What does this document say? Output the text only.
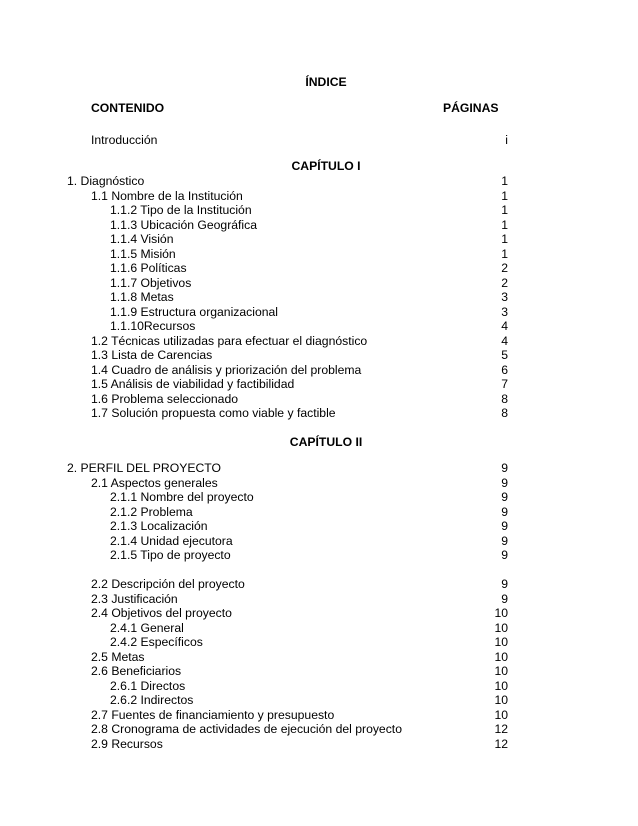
ÍNDICE
CONTENIDO	PÁGINAS
Introducción	i
CAPÍTULO I
1. Diagnóstico	1
1.1 Nombre de la Institución	1
1.1.2 Tipo de la Institución	1
1.1.3 Ubicación Geográfica	1
1.1.4 Visión	1
1.1.5 Misión	1
1.1.6 Políticas	2
1.1.7 Objetivos	2
1.1.8 Metas	3
1.1.9 Estructura organizacional	3
1.1.10Recursos	4
1.2 Técnicas utilizadas para efectuar el diagnóstico	4
1.3 Lista de Carencias	5
1.4 Cuadro de análisis y priorización del problema	6
1.5 Análisis de viabilidad y factibilidad	7
1.6 Problema seleccionado	8
1.7 Solución propuesta como viable y factible	8
CAPÍTULO II
2. PERFIL DEL PROYECTO	9
2.1 Aspectos generales	9
2.1.1 Nombre del proyecto	9
2.1.2 Problema	9
2.1.3 Localización	9
2.1.4 Unidad ejecutora	9
2.1.5 Tipo de proyecto	9
2.2 Descripción del proyecto	9
2.3 Justificación	9
2.4 Objetivos del proyecto	10
2.4.1 General	10
2.4.2 Específicos	10
2.5 Metas	10
2.6 Beneficiarios	10
2.6.1 Directos	10
2.6.2 Indirectos	10
2.7 Fuentes de financiamiento y presupuesto	10
2.8 Cronograma de actividades de ejecución del proyecto	12
2.9 Recursos	12
